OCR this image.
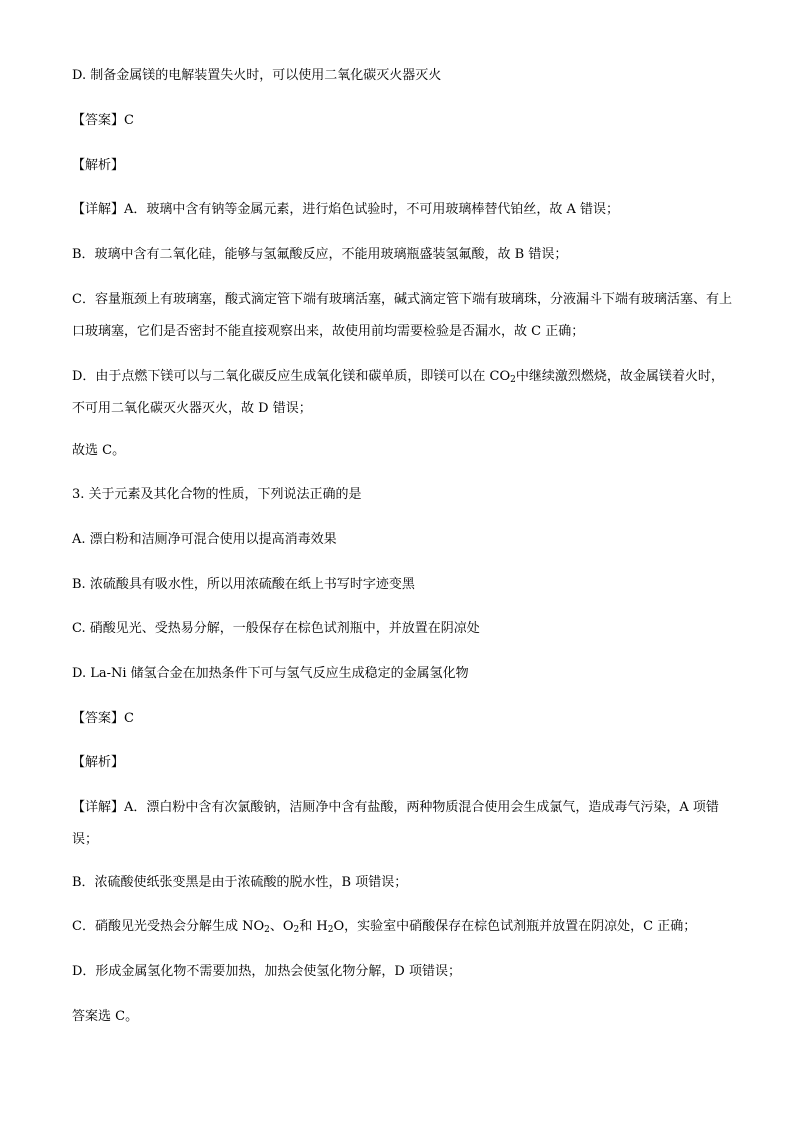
D. 制备金属镁的电解装置失火时，可以使用二氧化碳灭火器灭火
【答案】C
【解析】
【详解】A．玻璃中含有钠等金属元素，进行焰色试验时，不可用玻璃棒替代铂丝，故 A 错误；
B．玻璃中含有二氧化硅，能够与氢氟酸反应，不能用玻璃瓶盛装氢氟酸，故 B 错误；
C．容量瓶颈上有玻璃塞，酸式滴定管下端有玻璃活塞，碱式滴定管下端有玻璃珠，分液漏斗下端有玻璃活塞、有上口玻璃塞，它们是否密封不能直接观察出来，故使用前均需要检验是否漏水，故 C 正确；
D．由于点燃下镁可以与二氧化碳反应生成氧化镁和碳单质，即镁可以在 $CO_2$中继续激烈燃烧，故金属镁着火时，不可用二氧化碳灭火器灭火，故 D 错误；
故选 C。
3. 关于元素及其化合物的性质，下列说法正确的是
A. 漂白粉和洁厕净可混合使用以提高消毒效果
B. 浓硫酸具有吸水性，所以用浓硫酸在纸上书写时字迹变黑
C. 硝酸见光、受热易分解，一般保存在棕色试剂瓶中，并放置在阴凉处
D. La-Ni 储氢合金在加热条件下可与氢气反应生成稳定的金属氢化物
【答案】C
【解析】
【详解】A．漂白粉中含有次氯酸钠，洁厕净中含有盐酸，两种物质混合使用会生成氯气，造成毒气污染，A 项错误；
B．浓硫酸使纸张变黑是由于浓硫酸的脱水性，B 项错误；
C．硝酸见光受热会分解生成 $NO_2$、$O_2$和 $H_2O$，实验室中硝酸保存在棕色试剂瓶并放置在阴凉处，C 正确；
D．形成金属氢化物不需要加热，加热会使氢化物分解，D 项错误；
答案选 C。
